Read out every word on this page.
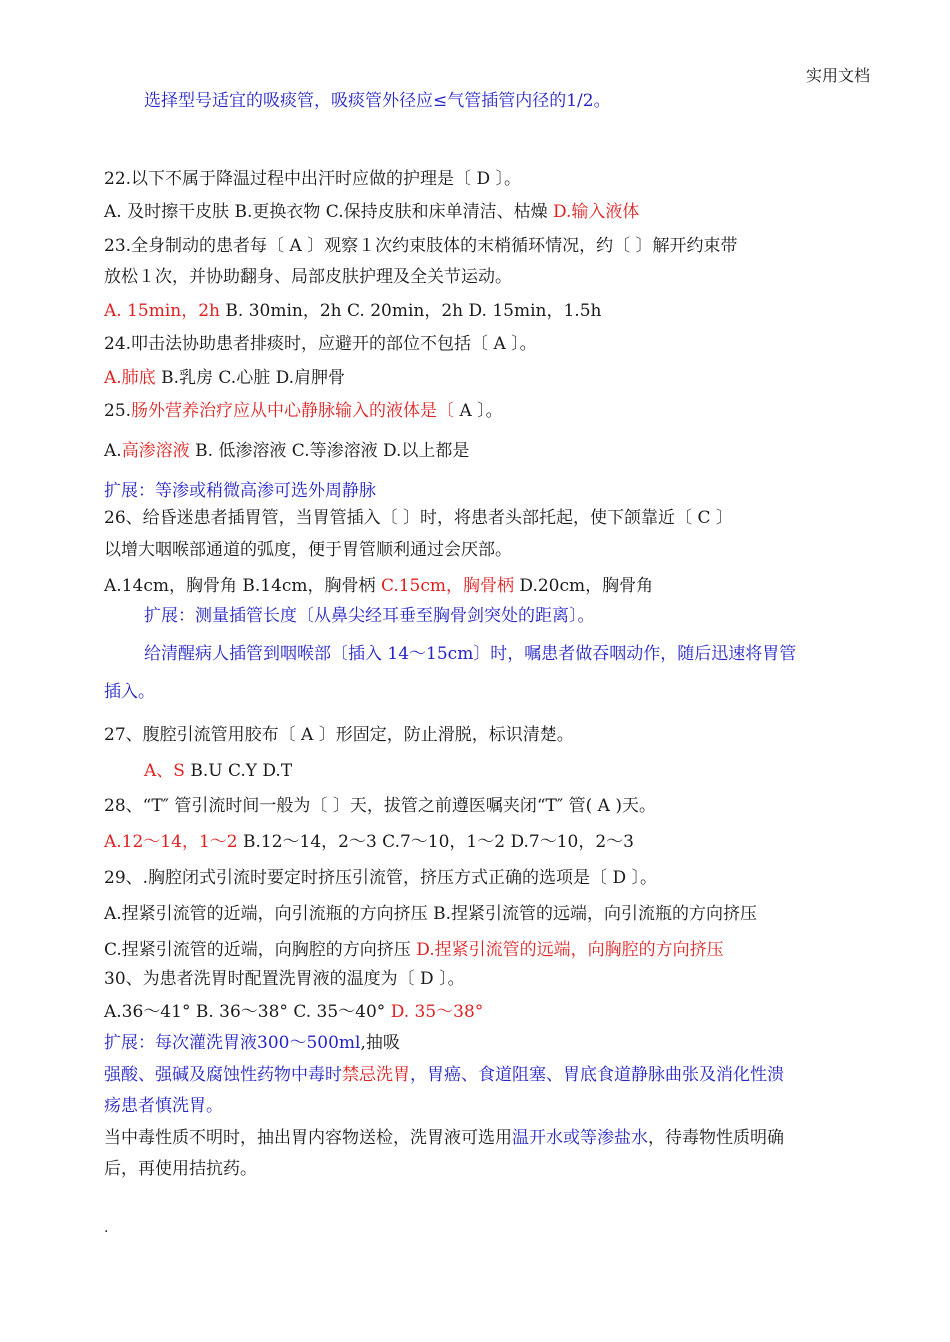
实用文档
选择型号适宜的吸痰管，吸痰管外径应≤气管插管内径的1/2。
22.以下不属于降温过程中出汗时应做的护理是〔 D 〕。
A. 及时擦干皮肤 B.更换衣物 C.保持皮肤和床单清洁、枯燥 D.输入液体
23.全身制动的患者每〔 A 〕观察１次约束肢体的末梢循环情况，约〔 〕解开约束带
放松１次，并协助翻身、局部皮肤护理及全关节运动。
A. 15min，2h B. 30min，2h C. 20min，2h D. 15min，1.5h
24.叩击法协助患者排痰时，应避开的部位不包括〔 A 〕。
A.肺底 B.乳房 C.心脏 D.肩胛骨
25.肠外营养治疗应从中心静脉输入的液体是〔 A 〕。
A.高渗溶液 B. 低渗溶液 C.等渗溶液 D.以上都是
扩展：等渗或稍微高渗可选外周静脉
26、给昏迷患者插胃管，当胃管插入〔 〕时，将患者头部托起，使下颌靠近〔 C 〕
以增大咽喉部通道的弧度，便于胃管顺利通过会厌部。
A.14cm，胸骨角 B.14cm，胸骨柄 C.15cm，胸骨柄 D.20cm，胸骨角
扩展：测量插管长度〔从鼻尖经耳垂至胸骨剑突处的距离〕。
给清醒病人插管到咽喉部〔插入 14～15cm〕时，嘱患者做吞咽动作，随后迅速将胃管
插入。
27、腹腔引流管用胶布〔 A 〕形固定，防止滑脱，标识清楚。
A、S B.U C.Y D.T
28、“T″ 管引流时间一般为〔 〕天，拔管之前遵医嘱夹闭“T″ 管( A )天。
A.12～14，1～2 B.12～14，2～3 C.7～10，1～2 D.7～10，2～3
29、.胸腔闭式引流时要定时挤压引流管，挤压方式正确的选项是〔 D 〕。
A.捏紧引流管的近端，向引流瓶的方向挤压 B.捏紧引流管的远端，向引流瓶的方向挤压
C.捏紧引流管的近端，向胸腔的方向挤压 D.捏紧引流管的远端，向胸腔的方向挤压
30、为患者洗胃时配置洗胃液的温度为〔 D 〕。
A.36～41° B. 36～38° C. 35～40° D. 35～38°
扩展：每次灌洗胃液300～500ml,抽吸
强酸、强碱及腐蚀性药物中毒时禁忌洗胃，胃癌、食道阻塞、胃底食道静脉曲张及消化性溃
疡患者慎洗胃。
当中毒性质不明时，抽出胃内容物送检，洗胃液可选用温开水或等渗盐水，待毒物性质明确
后，再使用拮抗药。
.
